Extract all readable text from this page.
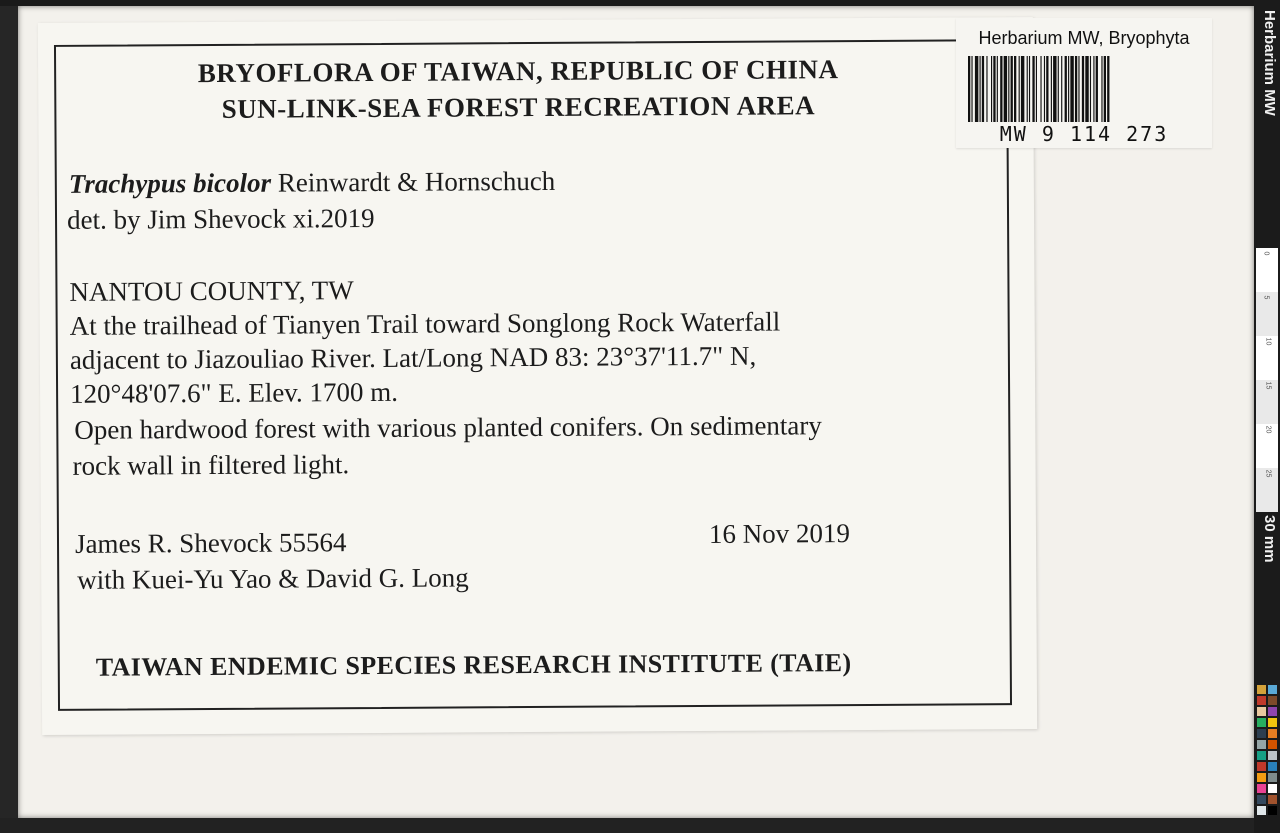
BRYOFLORA OF TAIWAN, REPUBLIC OF CHINA
SUN-LINK-SEA FOREST RECREATION AREA
Trachypus bicolor Reinwardt & Hornschuch
det. by Jim Shevock xi.2019
NANTOU COUNTY, TW
At the trailhead of Tianyen Trail toward Songlong Rock Waterfall
adjacent to Jiazouliao River. Lat/Long NAD 83: 23°37'11.7" N,
120°48'07.6" E. Elev. 1700 m.
Open hardwood forest with various planted conifers. On sedimentary
rock wall in filtered light.
James R. Shevock 55564	16 Nov 2019
with Kuei-Yu Yao & David G. Long
TAIWAN ENDEMIC SPECIES RESEARCH INSTITUTE (TAIE)
Herbarium MW, Bryophyta
MW 9 114 273
Herbarium MW
0
5
10
15
20
25
30 mm
